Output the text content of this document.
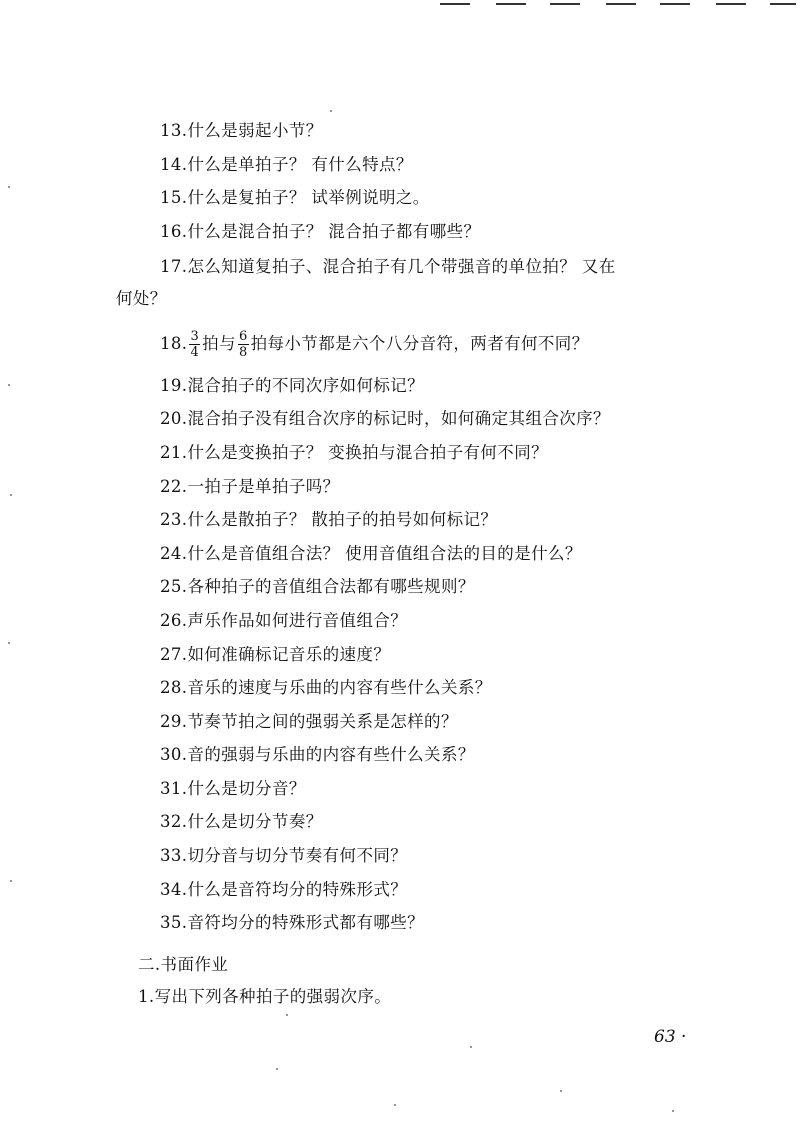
13.什么是弱起小节？
14.什么是单拍子？ 有什么特点？
15.什么是复拍子？ 试举例说明之。
16.什么是混合拍子？ 混合拍子都有哪些？
17.怎么知道复拍子、混合拍子有几个带强音的单位拍？ 又在
何处？
18. $\frac{3}{4}$ 拍与 $\frac{6}{8}$ 拍每小节都是六个八分音符，两者有何不同？
19.混合拍子的不同次序如何标记？
20.混合拍子没有组合次序的标记时，如何确定其组合次序？
21.什么是变换拍子？ 变换拍与混合拍子有何不同？
22.一拍子是单拍子吗？
23.什么是散拍子？ 散拍子的拍号如何标记？
24.什么是音值组合法？ 使用音值组合法的目的是什么？
25.各种拍子的音值组合法都有哪些规则？
26.声乐作品如何进行音值组合？
27.如何准确标记音乐的速度？
28.音乐的速度与乐曲的内容有些什么关系？
29.节奏节拍之间的强弱关系是怎样的？
30.音的强弱与乐曲的内容有些什么关系？
31.什么是切分音？
32.什么是切分节奏？
33.切分音与切分节奏有何不同？
34.什么是音符均分的特殊形式？
35.音符均分的特殊形式都有哪些？
二.书面作业
1.写出下列各种拍子的强弱次序。
63 ·
